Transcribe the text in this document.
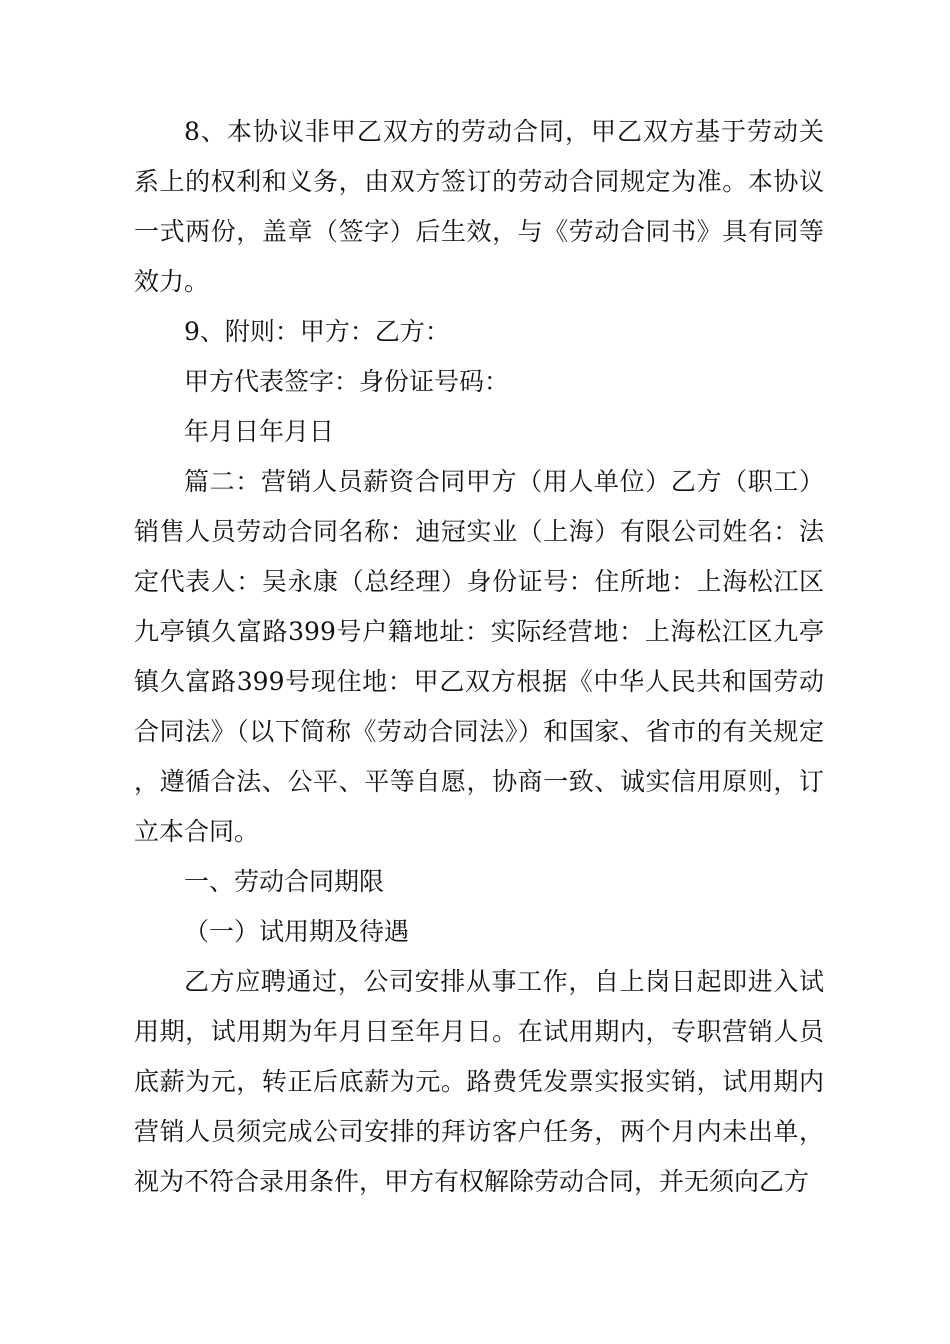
8、本协议非甲乙双方的劳动合同，甲乙双方基于劳动关系上的权利和义务，由双方签订的劳动合同规定为准。本协议一式两份，盖章（签字）后生效，与《劳动合同书》具有同等效力。

9、附则：甲方：乙方：

甲方代表签字：身份证号码：

年月日年月日

篇二：营销人员薪资合同甲方（用人单位）乙方（职工）销售人员劳动合同名称：迪冠实业（上海）有限公司姓名：法定代表人：吴永康（总经理）身份证号：住所地：上海松江区九亭镇久富路399号户籍地址：实际经营地：上海松江区九亭镇久富路399号现住地：甲乙双方根据《中华人民共和国劳动合同法》（以下简称《劳动合同法》）和国家、省市的有关规定，遵循合法、公平、平等自愿，协商一致、诚实信用原则，订立本合同。

一、劳动合同期限

（一）试用期及待遇

乙方应聘通过，公司安排从事工作，自上岗日起即进入试用期，试用期为年月日至年月日。在试用期内，专职营销人员底薪为元，转正后底薪为元。路费凭发票实报实销，试用期内营销人员须完成公司安排的拜访客户任务，两个月内未出单，视为不符合录用条件，甲方有权解除劳动合同，并无须向乙方
